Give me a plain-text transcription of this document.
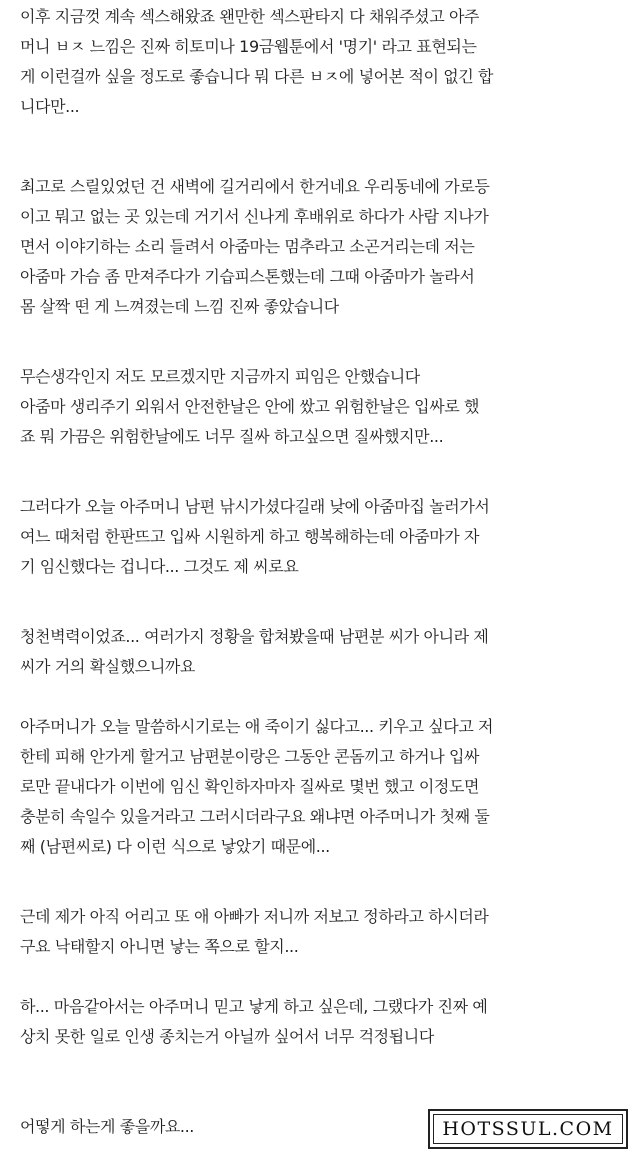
이후 지금껏 계속 섹스해왔죠 왠만한 섹스판타지 다 채워주셨고 아주
머니 ㅂㅈ 느낌은 진짜 히토미나 19금웹툰에서 '명기' 라고 표현되는
게 이런걸까 싶을 정도로 좋습니다 뭐 다른 ㅂㅈ에 넣어본 적이 없긴 합
니다만...
최고로 스릴있었던 건 새벽에 길거리에서 한거네요 우리동네에 가로등
이고 뭐고 없는 곳 있는데 거기서 신나게 후배위로 하다가 사람 지나가
면서 이야기하는 소리 들려서 아줌마는 멈추라고 소곤거리는데 저는
아줌마 가슴 좀 만져주다가 기습피스톤했는데 그때 아줌마가 놀라서
몸 살짝 떤 게 느껴졌는데 느낌 진짜 좋았습니다
무슨생각인지 저도 모르겠지만 지금까지 피임은 안했습니다
아줌마 생리주기 외워서 안전한날은 안에 쌌고 위험한날은 입싸로 했
죠 뭐 가끔은 위험한날에도 너무 질싸 하고싶으면 질싸했지만...
그러다가 오늘 아주머니 남편 낚시가셨다길래 낮에 아줌마집 놀러가서
여느 때처럼 한판뜨고 입싸 시원하게 하고 행복해하는데 아줌마가 자
기 임신했다는 겁니다... 그것도 제 씨로요
청천벽력이었죠... 여러가지 정황을 합쳐봤을때 남편분 씨가 아니라 제
씨가 거의 확실했으니까요
아주머니가 오늘 말씀하시기로는 애 죽이기 싫다고... 키우고 싶다고 저
한테 피해 안가게 할거고 남편분이랑은 그동안 콘돔끼고 하거나 입싸
로만 끝내다가 이번에 임신 확인하자마자 질싸로 몇번 했고 이정도면
충분히 속일수 있을거라고 그러시더라구요 왜냐면 아주머니가 첫째 둘
째 (남편씨로) 다 이런 식으로 낳았기 때문에...
근데 제가 아직 어리고 또 애 아빠가 저니까 저보고 정하라고 하시더라
구요 낙태할지 아니면 낳는 쪽으로 할지...
하... 마음같아서는 아주머니 믿고 낳게 하고 싶은데, 그랬다가 진짜 예
상치 못한 일로 인생 종치는거 아닐까 싶어서 너무 걱정됩니다
어떻게 하는게 좋을까요...	HOTSSUL.COM
